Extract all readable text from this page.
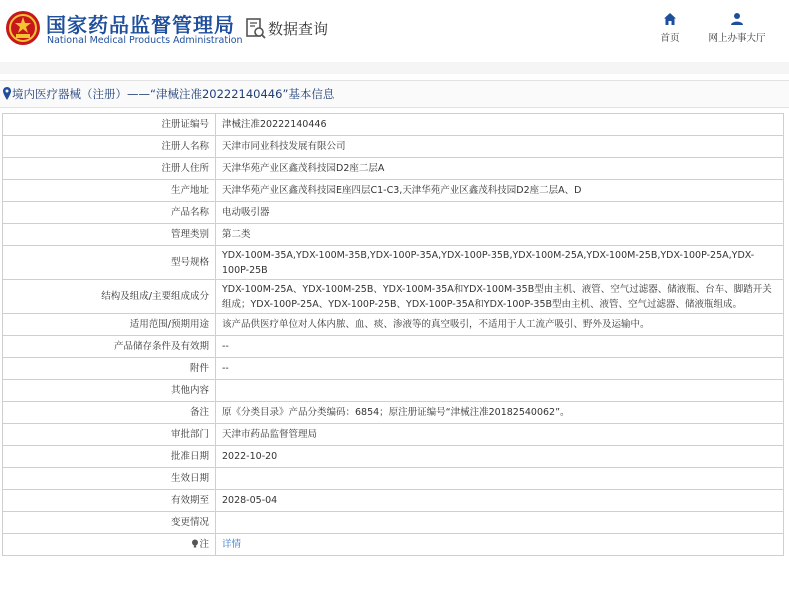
国家药品监督管理局
National Medical Products Administration
数据查询
首页	网上办事大厅
境内医疗器械（注册）——“津械注准20222140446”基本信息
注册证编号	津械注准20222140446
注册人名称	天津市同业科技发展有限公司
注册人住所	天津华苑产业区鑫茂科技园D2座二层A
生产地址	天津华苑产业区鑫茂科技园E座四层C1-C3,天津华苑产业区鑫茂科技园D2座二层A、D
产品名称	电动吸引器
管理类别	第二类
型号规格	YDX-100M-35A,YDX-100M-35B,YDX-100P-35A,YDX-100P-35B,YDX-100M-25A,YDX-100M-25B,YDX-100P-25A,YDX-100P-25B
结构及组成/主要组成成分	YDX-100M-25A、YDX-100M-25B、YDX-100M-35A和YDX-100M-35B型由主机、液管、空气过滤器、储液瓶、台车、脚踏开关组成；YDX-100P-25A、YDX-100P-25B、YDX-100P-35A和YDX-100P-35B型由主机、液管、空气过滤器、储液瓶组成。
适用范围/预期用途	该产品供医疗单位对人体内脓、血、痰、渗液等的真空吸引，不适用于人工流产吸引、野外及运输中。
产品储存条件及有效期	--
附件	--
其他内容	
备注	原《分类目录》产品分类编码：6854；原注册证编号“津械注准20182540062”。
审批部门	天津市药品监督管理局
批准日期	2022-10-20
生效日期	
有效期至	2028-05-04
变更情况	
注	详情
